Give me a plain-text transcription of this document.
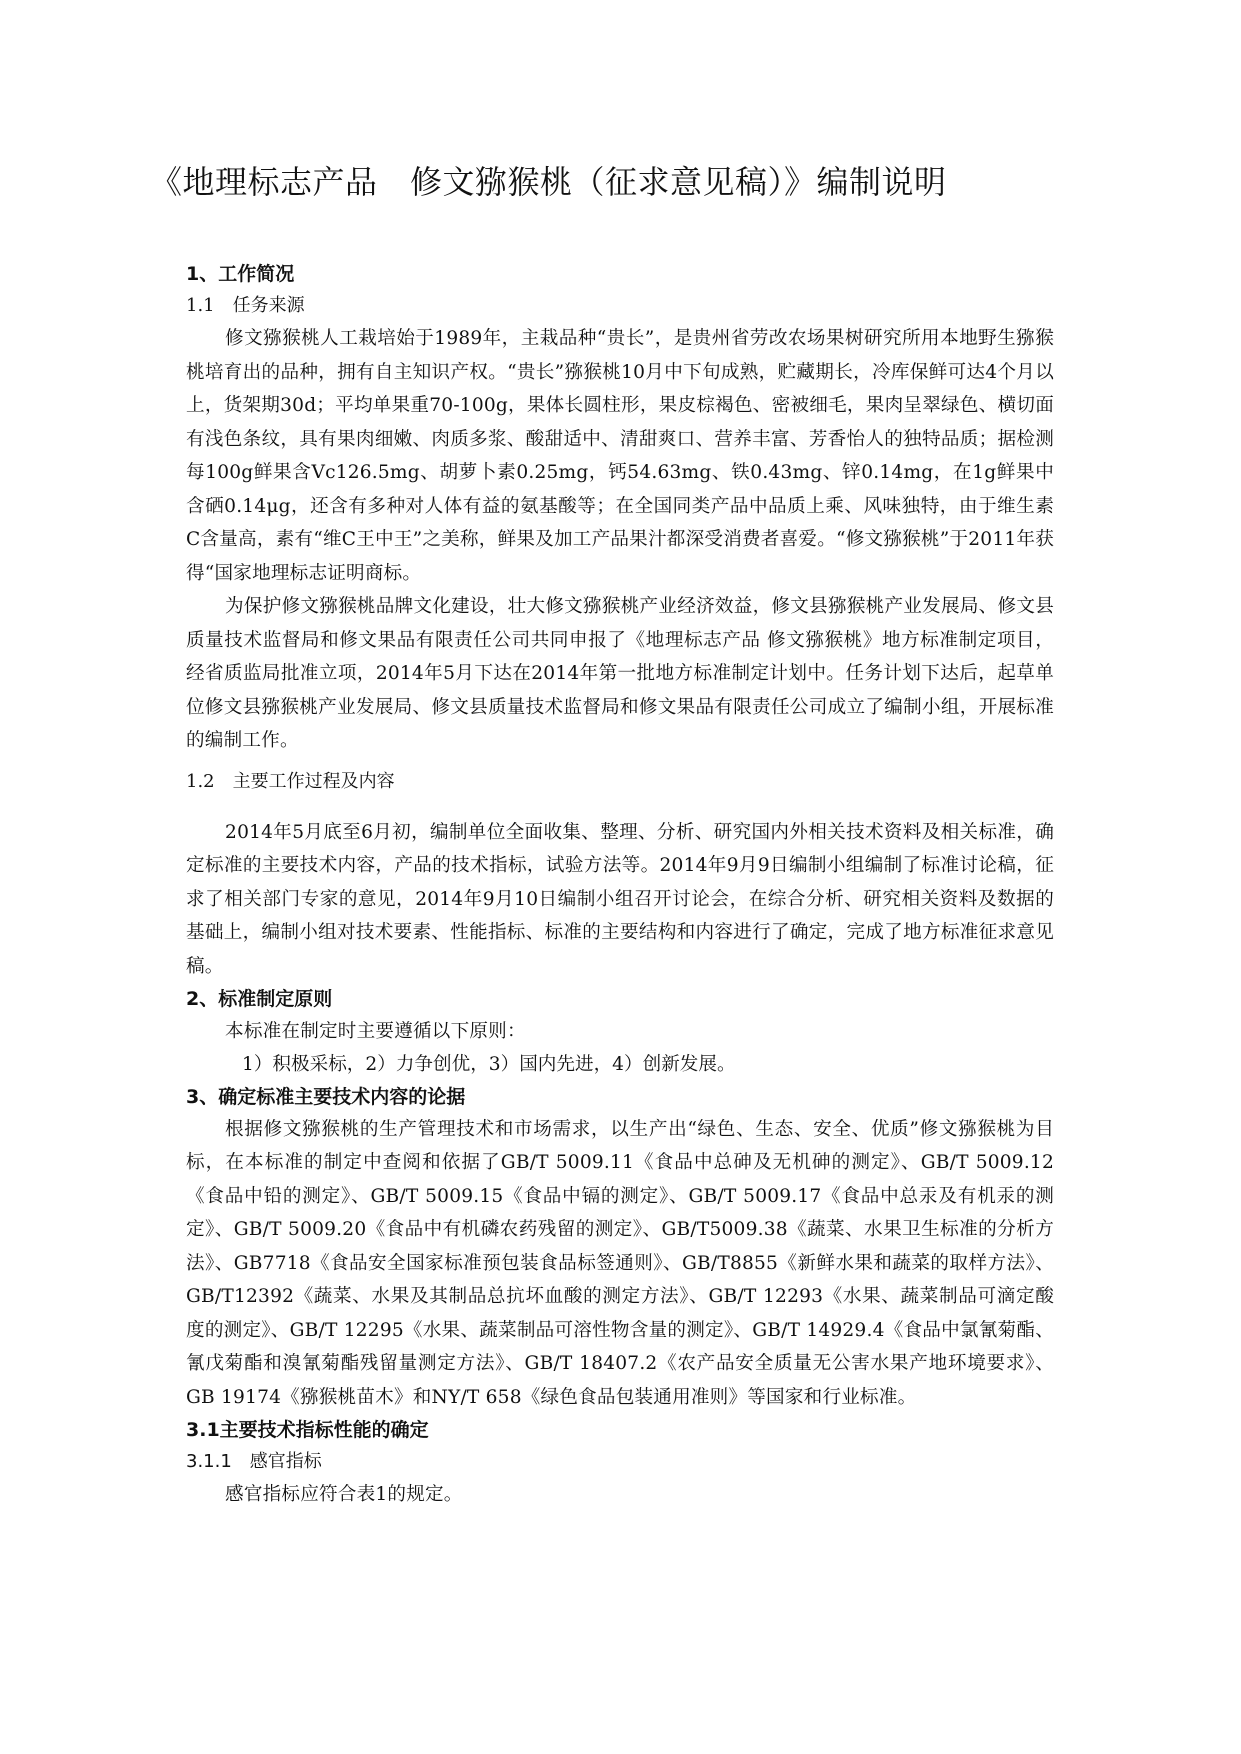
《地理标志产品　修文猕猴桃（征求意见稿）》编制说明
1、工作简况
1.1　任务来源

修文猕猴桃人工栽培始于1989年，主栽品种“贵长”，是贵州省劳改农场果树研究所用本地野生猕猴桃培育出的品种，拥有自主知识产权。“贵长”猕猴桃10月中下旬成熟，贮藏期长，冷库保鲜可达4个月以上，货架期30d；平均单果重70-100g，果体长圆柱形，果皮棕褐色、密被细毛，果肉呈翠绿色、横切面有浅色条纹，具有果肉细嫩、肉质多浆、酸甜适中、清甜爽口、营养丰富、芳香怡人的独特品质；据检测每100g鲜果含Vc126.5mg、胡萝卜素0.25mg，钙54.63mg、铁0.43mg、锌0.14mg，在1g鲜果中含硒0.14μg，还含有多种对人体有益的氨基酸等；在全国同类产品中品质上乘、风味独特，由于维生素C含量高，素有“维C王中王”之美称，鲜果及加工产品果汁都深受消费者喜爱。“修文猕猴桃”于2011年获得“国家地理标志证明商标。

为保护修文猕猴桃品牌文化建设，壮大修文猕猴桃产业经济效益，修文县猕猴桃产业发展局、修文县质量技术监督局和修文果品有限责任公司共同申报了《地理标志产品 修文猕猴桃》地方标准制定项目，经省质监局批准立项，2014年5月下达在2014年第一批地方标准制定计划中。任务计划下达后，起草单位修文县猕猴桃产业发展局、修文县质量技术监督局和修文果品有限责任公司成立了编制小组，开展标准的编制工作。

1.2　主要工作过程及内容

2014年5月底至6月初，编制单位全面收集、整理、分析、研究国内外相关技术资料及相关标准，确定标准的主要技术内容，产品的技术指标，试验方法等。2014年9月9日编制小组编制了标准讨论稿，征求了相关部门专家的意见，2014年9月10日编制小组召开讨论会，在综合分析、研究相关资料及数据的基础上，编制小组对技术要素、性能指标、标准的主要结构和内容进行了确定，完成了地方标准征求意见稿。

2、标准制定原则

本标准在制定时主要遵循以下原则：

1）积极采标，2）力争创优，3）国内先进，4）创新发展。

3、确定标准主要技术内容的论据

根据修文猕猴桃的生产管理技术和市场需求，以生产出“绿色、生态、安全、优质”修文猕猴桃为目标，在本标准的制定中查阅和依据了GB/T 5009.11《食品中总砷及无机砷的测定》、GB/T 5009.12《食品中铅的测定》、GB/T 5009.15《食品中镉的测定》、GB/T 5009.17《食品中总汞及有机汞的测定》、GB/T 5009.20《食品中有机磷农药残留的测定》、GB/T5009.38《蔬菜、水果卫生标准的分析方法》、GB7718《食品安全国家标准预包装食品标签通则》、GB/T8855《新鲜水果和蔬菜的取样方法》、GB/T12392《蔬菜、水果及其制品总抗坏血酸的测定方法》、GB/T 12293《水果、蔬菜制品可滴定酸度的测定》、GB/T 12295《水果、蔬菜制品可溶性物含量的测定》、GB/T 14929.4《食品中氯氰菊酯、氰戊菊酯和溴氰菊酯残留量测定方法》、GB/T 18407.2《农产品安全质量无公害水果产地环境要求》、GB 19174《猕猴桃苗木》和NY/T 658《绿色食品包装通用准则》等国家和行业标准。

3.1主要技术指标性能的确定
3.1.1　感官指标

感官指标应符合表1的规定。
